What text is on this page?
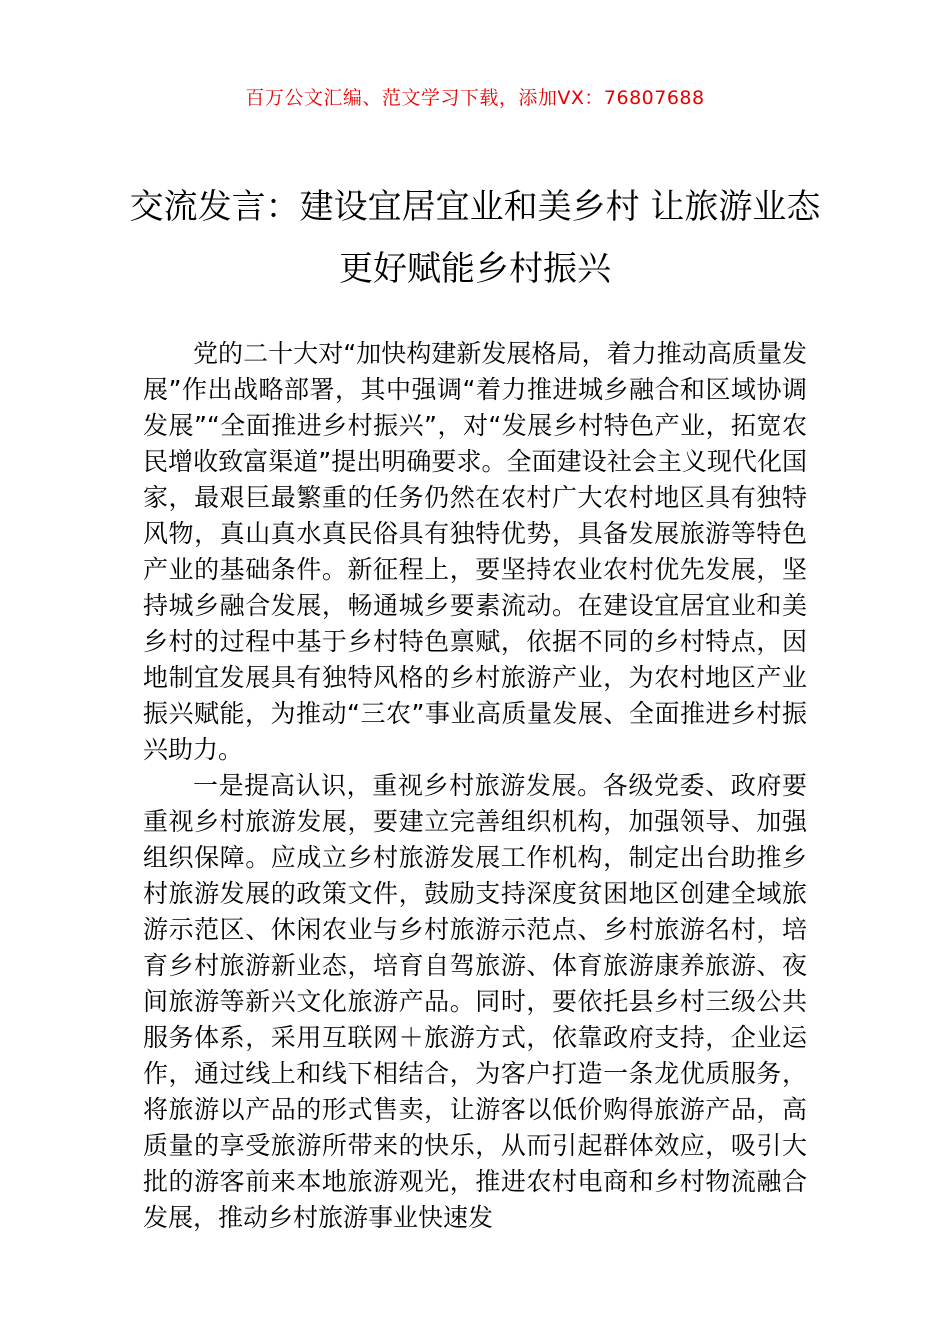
百万公文汇编、范文学习下载，添加VX：76807688
交流发言：建设宜居宜业和美乡村 让旅游业态更好赋能乡村振兴

党的二十大对“加快构建新发展格局，着力推动高质量发展”作出战略部署，其中强调“着力推进城乡融合和区域协调发展”“全面推进乡村振兴”，对“发展乡村特色产业，拓宽农民增收致富渠道”提出明确要求。全面建设社会主义现代化国家，最艰巨最繁重的任务仍然在农村广大农村地区具有独特风物，真山真水真民俗具有独特优势，具备发展旅游等特色产业的基础条件。新征程上，要坚持农业农村优先发展，坚持城乡融合发展，畅通城乡要素流动。在建设宜居宜业和美乡村的过程中基于乡村特色禀赋，依据不同的乡村特点，因地制宜发展具有独特风格的乡村旅游产业，为农村地区产业振兴赋能，为推动“三农”事业高质量发展、全面推进乡村振兴助力。

一是提高认识，重视乡村旅游发展。各级党委、政府要重视乡村旅游发展，要建立完善组织机构，加强领导、加强组织保障。应成立乡村旅游发展工作机构，制定出台助推乡村旅游发展的政策文件，鼓励支持深度贫困地区创建全域旅游示范区、休闲农业与乡村旅游示范点、乡村旅游名村，培育乡村旅游新业态，培育自驾旅游、体育旅游康养旅游、夜间旅游等新兴文化旅游产品。同时，要依托县乡村三级公共服务体系，采用互联网＋旅游方式，依靠政府支持，企业运作，通过线上和线下相结合，为客户打造一条龙优质服务，将旅游以产品的形式售卖，让游客以低价购得旅游产品，高质量的享受旅游所带来的快乐，从而引起群体效应，吸引大批的游客前来本地旅游观光，推进农村电商和乡村物流融合发展，推动乡村旅游事业快速发
